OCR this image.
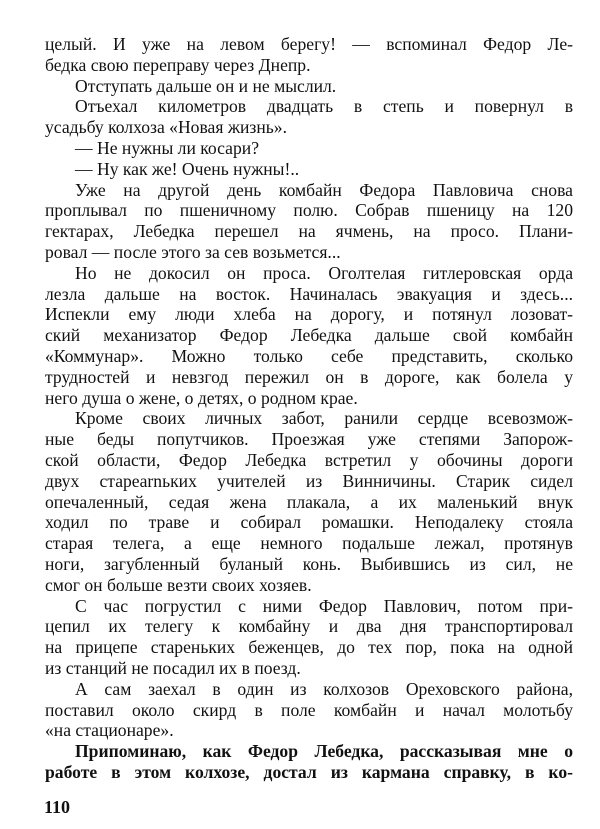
целый. И уже на левом берегу! — вспоминал Федор Ле-
бедка свою переправу через Днепр.
Отступать дальше он и не мыслил.
Отъехал километров двадцать в степь и повернул в
усадьбу колхоза «Новая жизнь».
— Не нужны ли косари?
— Ну как же! Очень нужны!..
Уже на другой день комбайн Федора Павловича снова
проплывал по пшеничному полю. Собрав пшеницу на 120
гектарах, Лебедка перешел на ячмень, на просо. Плани-
ровал — после этого за сев возьмется...
Но не докосил он проса. Оголтелая гитлеровская орда
лезла дальше на восток. Начиналась эвакуация и здесь...
Испекли ему люди хлеба на дорогу, и потянул лозоват-
ский механизатор Федор Лебедка дальше свой комбайн
«Коммунар». Можно только себе представить, сколько
трудностей и невзгод пережил он в дороге, как болела у
него душа о жене, о детях, о родном крае.
Кроме своих личных забот, ранили сердце всевозмож-
ные беды попутчиков. Проезжая уже степями Запорож-
ской области, Федор Лебедка встретил у обочины дороги
двух старearnьких учителей из Винничины. Старик сидел
опечаленный, седая жена плакала, а их маленький внук
ходил по траве и собирал ромашки. Неподалеку стояла
старая телега, а еще немного подальше лежал, протянув
ноги, загубленный буланый конь. Выбившись из сил, не
смог он больше везти своих хозяев.
С час погрустил с ними Федор Павлович, потом при-
цепил их телегу к комбайну и два дня транспортировал
на прицепе стареньких беженцев, до тех пор, пока на одной
из станций не посадил их в поезд.
А сам заехал в один из колхозов Ореховского района,
поставил около скирд в поле комбайн и начал молотьбу
«на стационаре».
Припоминаю, как Федор Лебедка, рассказывая мне о
работе в этом колхозе, достал из кармана справку, в ко-
110
